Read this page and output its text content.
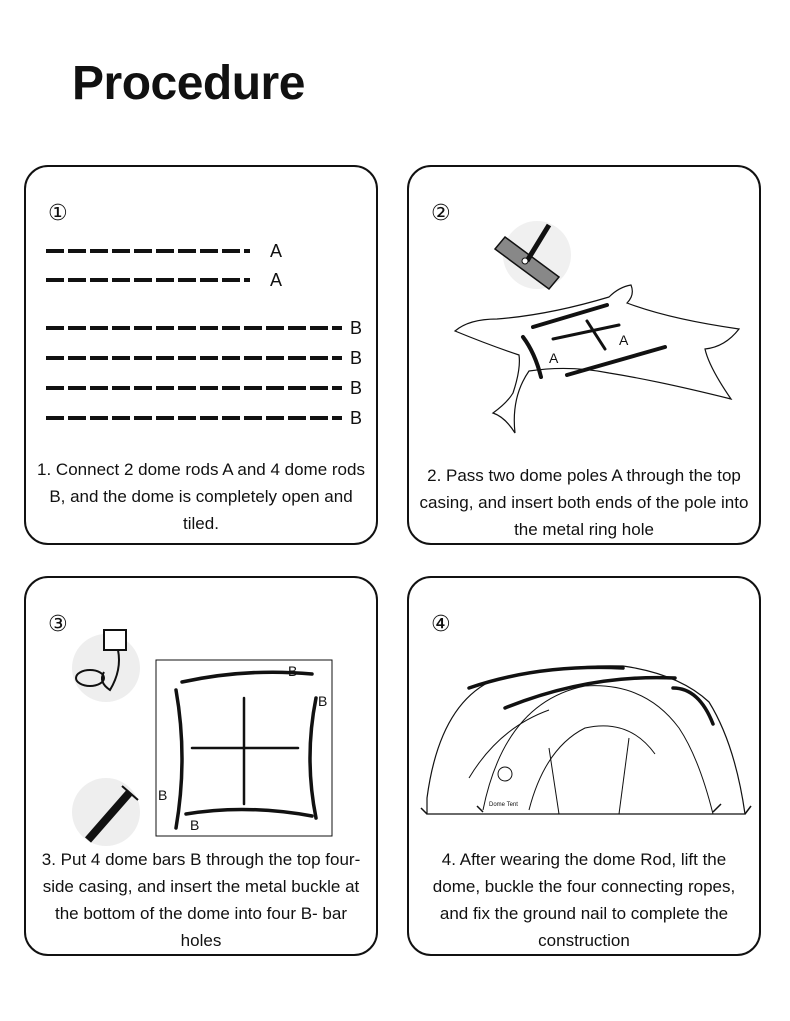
Procedure
①
A
A
B
B
B
B
1. Connect 2 dome rods A and 4 dome rods B, and the dome is completely open and tiled.
②
A
A
2. Pass two dome poles A through the top casing, and insert both ends of the pole into the metal ring hole
③
B
B
B
B
3. Put 4 dome bars B through the top four-side casing, and insert the metal buckle at the bottom of the dome into four B- bar holes
④
Dome Tent
4. After wearing the dome Rod, lift the dome, buckle the four connecting ropes, and fix the ground nail to complete the construction
